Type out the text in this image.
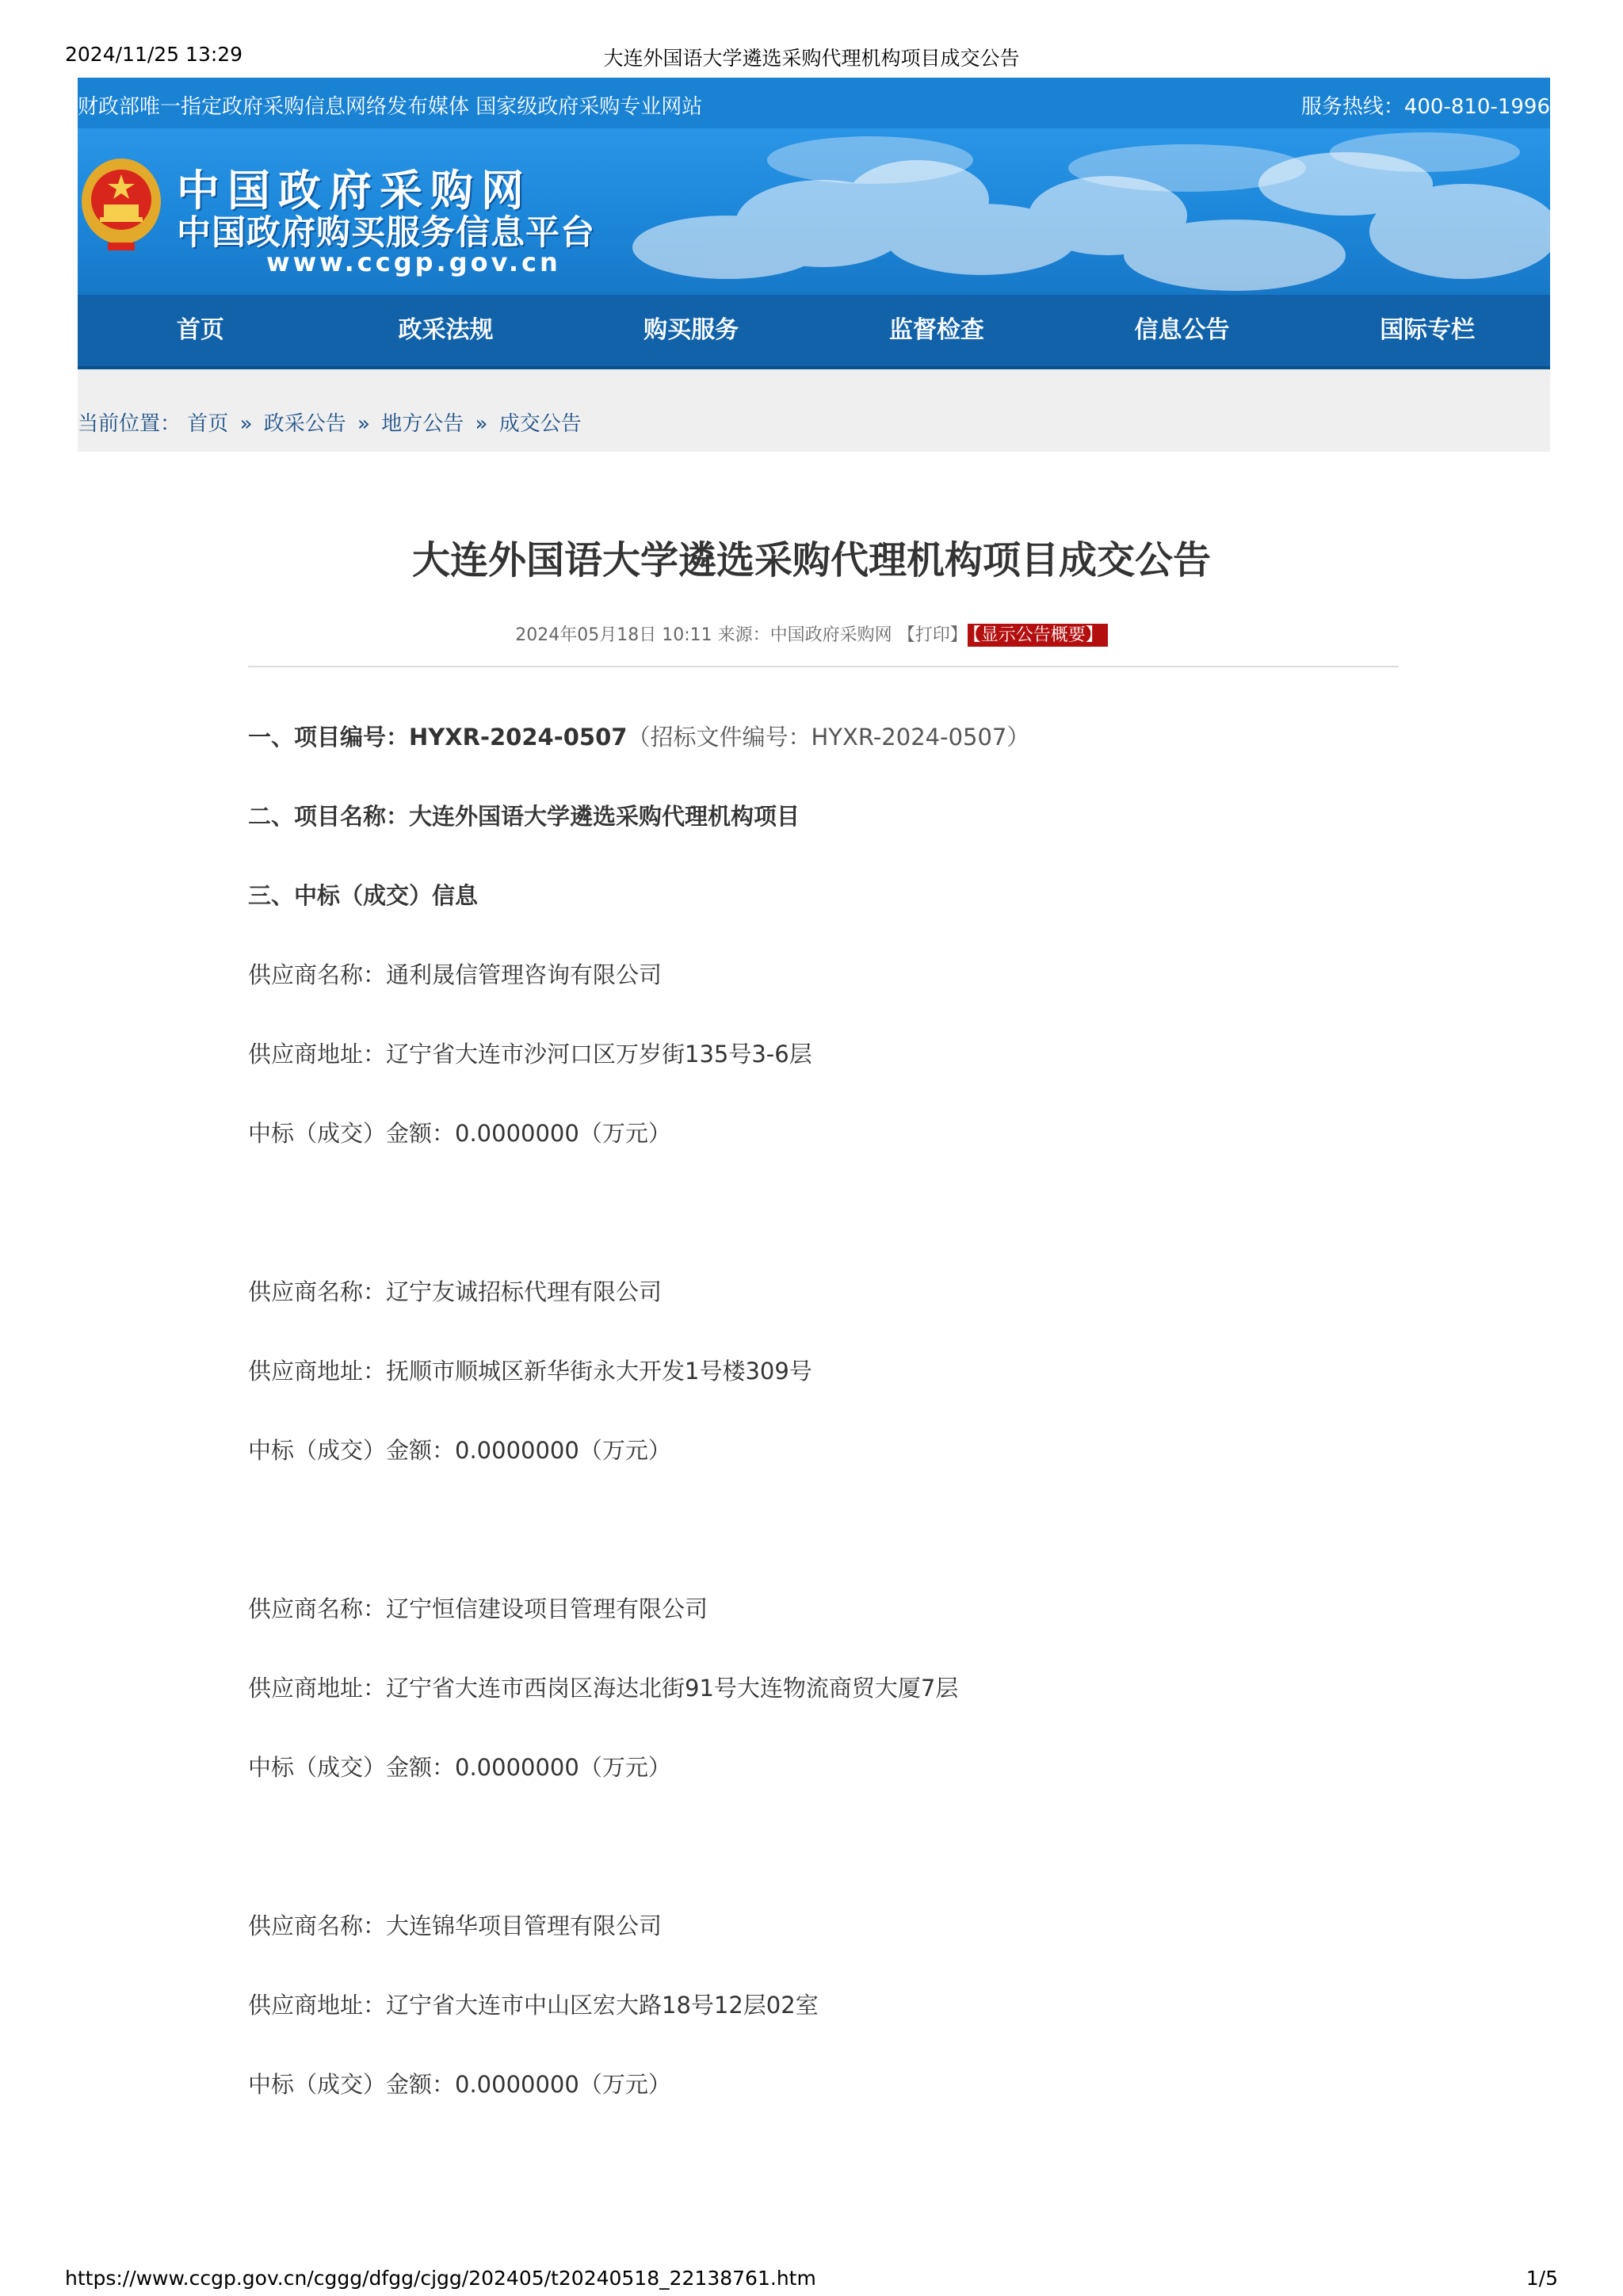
2024/11/25 13:29	大连外国语大学遴选采购代理机构项目成交公告
财政部唯一指定政府采购信息网络发布媒体 国家级政府采购专业网站	服务热线：400-810-1996
中国政府采购网
中国政府购买服务信息平台
www.ccgp.gov.cn
首页	政采法规	购买服务	监督检查	信息公告	国际专栏
当前位置： 首页 » 政采公告 » 地方公告 » 成交公告
大连外国语大学遴选采购代理机构项目成交公告
2024年05月18日 10:11 来源：中国政府采购网 【打印】 【显示公告概要】
一、项目编号：HYXR-2024-0507（招标文件编号：HYXR-2024-0507）
二、项目名称：大连外国语大学遴选采购代理机构项目
三、中标（成交）信息
供应商名称：通利晟信管理咨询有限公司
供应商地址：辽宁省大连市沙河口区万岁街135号3-6层
中标（成交）金额：0.0000000（万元）
供应商名称：辽宁友诚招标代理有限公司
供应商地址：抚顺市顺城区新华街永大开发1号楼309号
中标（成交）金额：0.0000000（万元）
供应商名称：辽宁恒信建设项目管理有限公司
供应商地址：辽宁省大连市西岗区海达北街91号大连物流商贸大厦7层
中标（成交）金额：0.0000000（万元）
供应商名称：大连锦华项目管理有限公司
供应商地址：辽宁省大连市中山区宏大路18号12层02室
中标（成交）金额：0.0000000（万元）
https://www.ccgp.gov.cn/cggg/dfgg/cjgg/202405/t20240518_22138761.htm	1/5
